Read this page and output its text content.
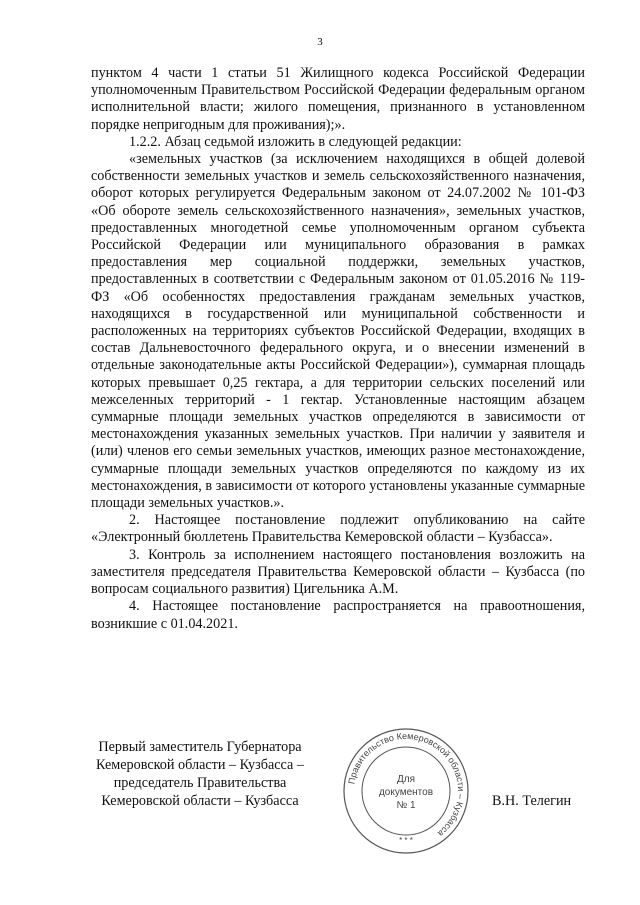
3

пунктом 4 части 1 статьи 51 Жилищного кодекса Российской Федерации уполномоченным Правительством Российской Федерации федеральным органом исполнительной власти; жилого помещения, признанного в установленном порядке непригодным для проживания);».

1.2.2. Абзац седьмой изложить в следующей редакции:

«земельных участков (за исключением находящихся в общей долевой собственности земельных участков и земель сельскохозяйственного назначения, оборот которых регулируется Федеральным законом от 24.07.2002 № 101-ФЗ «Об обороте земель сельскохозяйственного назначения», земельных участков, предоставленных многодетной семье уполномоченным органом субъекта Российской Федерации или муниципального образования в рамках предоставления мер социальной поддержки, земельных участков, предоставленных в соответствии с Федеральным законом от 01.05.2016 № 119-ФЗ «Об особенностях предоставления гражданам земельных участков, находящихся в государственной или муниципальной собственности и расположенных на территориях субъектов Российской Федерации, входящих в состав Дальневосточного федерального округа, и о внесении изменений в отдельные законодательные акты Российской Федерации»), суммарная площадь которых превышает 0,25 гектара, а для территории сельских поселений или межселенных территорий - 1 гектар. Установленные настоящим абзацем суммарные площади земельных участков определяются в зависимости от местонахождения указанных земельных участков. При наличии у заявителя и (или) членов его семьи земельных участков, имеющих разное местонахождение, суммарные площади земельных участков определяются по каждому из их местонахождения, в зависимости от которого установлены указанные суммарные площади земельных участков.».

2. Настоящее постановление подлежит опубликованию на сайте «Электронный бюллетень Правительства Кемеровской области – Кузбасса».

3. Контроль за исполнением настоящего постановления возложить на заместителя председателя Правительства Кемеровской области – Кузбасса (по вопросам социального развития) Цигельника А.М.

4. Настоящее постановление распространяется на правоотношения, возникшие с 01.04.2021.

Первый заместитель Губернатора
Кемеровской области – Кузбасса –
председатель Правительства
Кемеровской области – Кузбасса
Правительство Кемеровской области – Кузбасса
Для
документов
№ 1
* * *
В.Н. Телегин
